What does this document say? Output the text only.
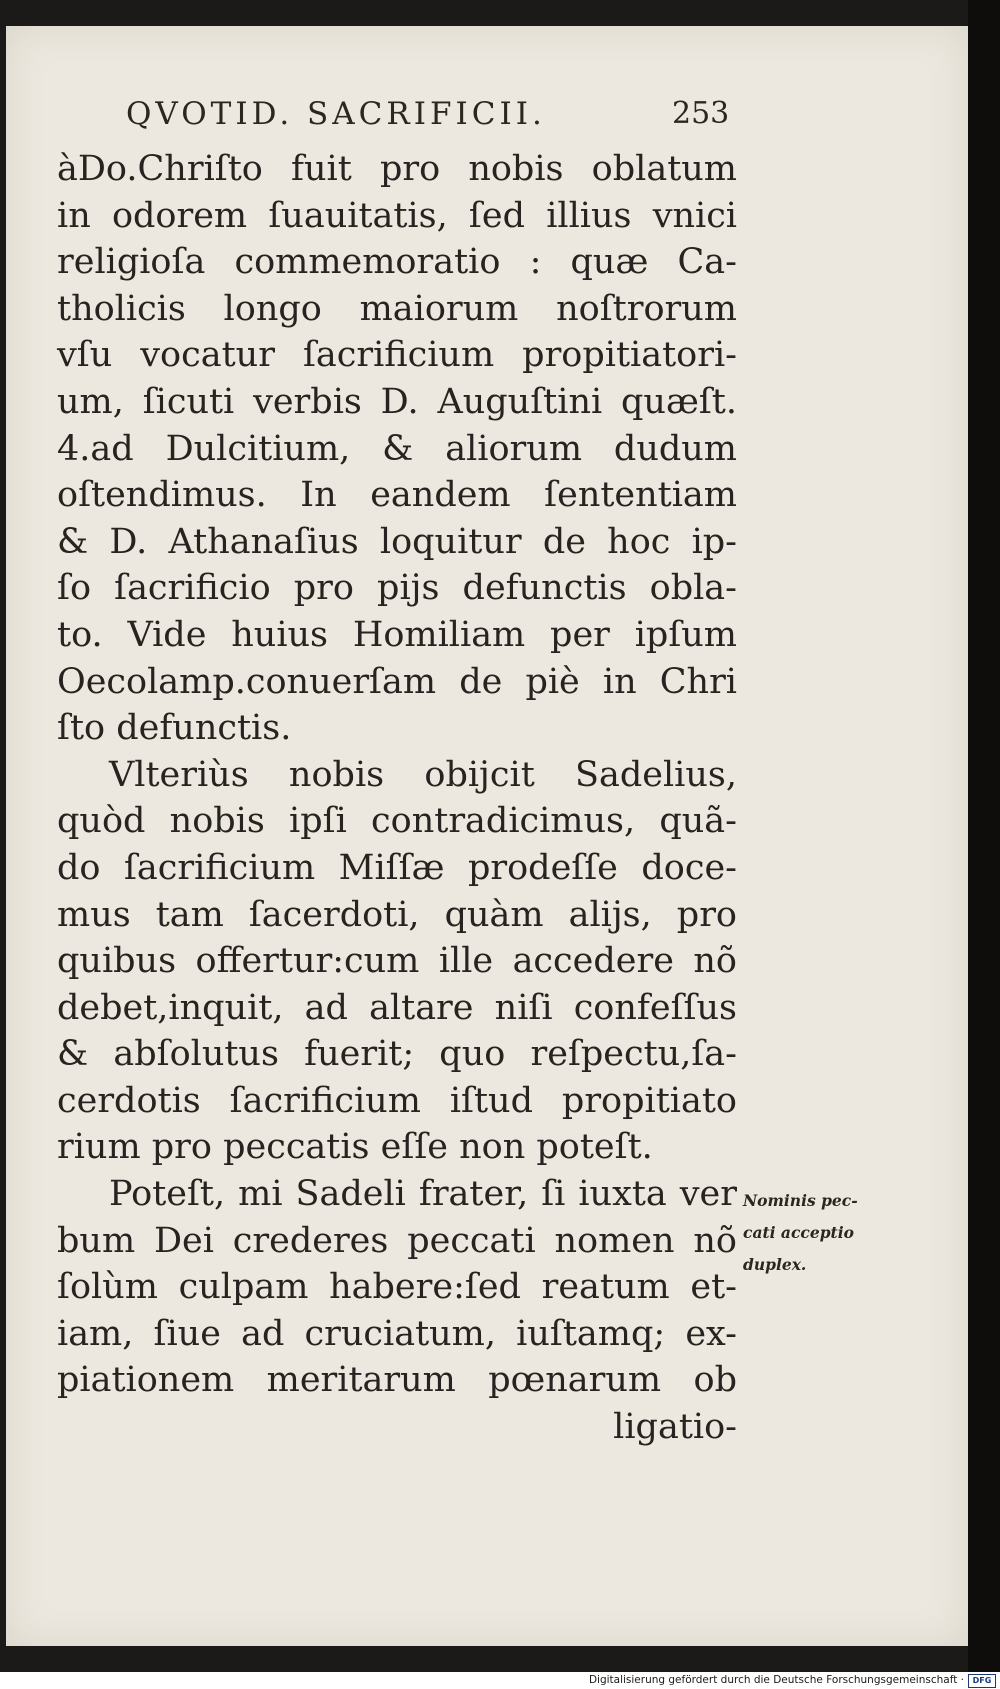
QVOTID. SACRIFICII.	253
àDo.Chriſto fuit pro nobis oblatum
in odorem ſuauitatis, ſed illius vnici
religioſa commemoratio : quæ Ca-
tholicis longo maiorum noſtrorum
vſu vocatur ſacrificium propitiatori-
um, ſicuti verbis D. Auguſtini quæſt.
4.ad Dulcitium, & aliorum dudum
oſtendimus. In eandem ſententiam
& D. Athanaſius loquitur de hoc ip-
ſo ſacrificio pro pijs defunctis obla-
to. Vide huius Homiliam per ipſum
Oecolamp.conuerſam de piè in Chri
ſto defunctis.
Vlteriùs nobis obijcit Sadelius,
quòd nobis ipſi contradicimus, quã-
do ſacrificium Miſſæ prodeſſe doce-
mus tam ſacerdoti, quàm alijs, pro
quibus offertur:cum ille accedere nõ
debet,inquit, ad altare niſi confeſſus
& abſolutus fuerit; quo reſpectu,ſa-
cerdotis ſacrificium iſtud propitiato
rium pro peccatis eſſe non poteſt.
Poteſt, mi Sadeli frater, ſi iuxta ver
bum Dei crederes peccati nomen nõ
ſolùm culpam habere:ſed reatum et-
iam, ſiue ad cruciatum, iuſtamq; ex-
piationem meritarum pœnarum ob
ligatio-
Nominis pec-
cati acceptio
duplex.
Digitalisierung gefördert durch die Deutsche Forschungsgemeinschaft ·	DFG
